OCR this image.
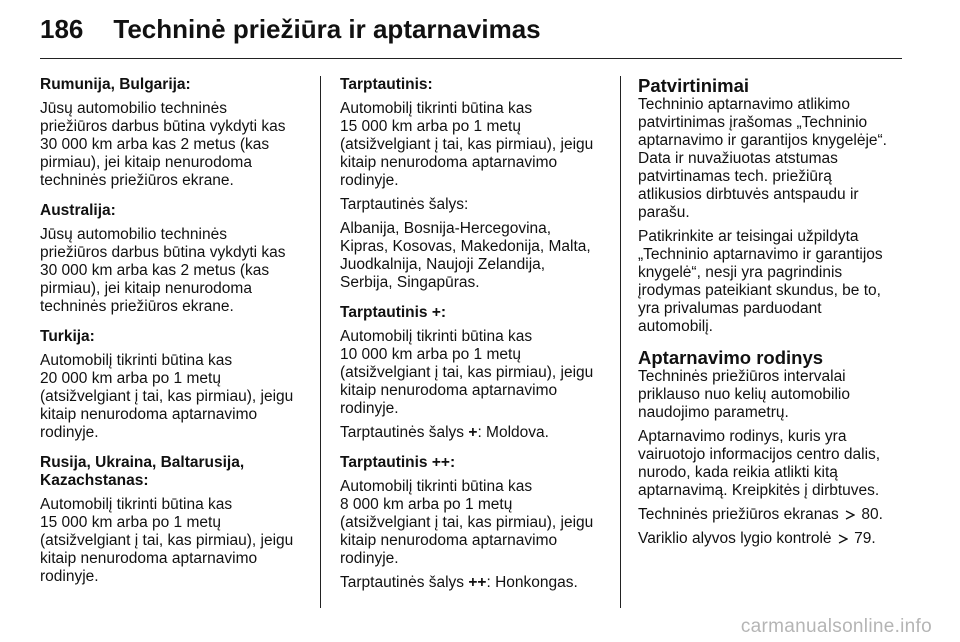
186 Techninė priežiūra ir aptarnavimas
Rumunija, Bulgarija:
Jūsų automobilio techninės
priežiūros darbus būtina vykdyti kas
30 000 km arba kas 2 metus (kas
pirmiau), jei kitaip nenurodoma
techninės priežiūros ekrane.
Australija:
Jūsų automobilio techninės
priežiūros darbus būtina vykdyti kas
30 000 km arba kas 2 metus (kas
pirmiau), jei kitaip nenurodoma
techninės priežiūros ekrane.
Turkija:
Automobilį tikrinti būtina kas
20 000 km arba po 1 metų
(atsižvelgiant į tai, kas pirmiau), jeigu
kitaip nenurodoma aptarnavimo
rodinyje.
Rusija, Ukraina, Baltarusija,
Kazachstanas:
Automobilį tikrinti būtina kas
15 000 km arba po 1 metų
(atsižvelgiant į tai, kas pirmiau), jeigu
kitaip nenurodoma aptarnavimo
rodinyje.
Tarptautinis:
Automobilį tikrinti būtina kas
15 000 km arba po 1 metų
(atsižvelgiant į tai, kas pirmiau), jeigu
kitaip nenurodoma aptarnavimo
rodinyje.
Tarptautinės šalys:
Albanija, Bosnija-Hercegovina,
Kipras, Kosovas, Makedonija, Malta,
Juodkalnija, Naujoji Zelandija,
Serbija, Singapūras.
Tarptautinis +:
Automobilį tikrinti būtina kas
10 000 km arba po 1 metų
(atsižvelgiant į tai, kas pirmiau), jeigu
kitaip nenurodoma aptarnavimo
rodinyje.
Tarptautinės šalys +: Moldova.
Tarptautinis ++:
Automobilį tikrinti būtina kas
8 000 km arba po 1 metų
(atsižvelgiant į tai, kas pirmiau), jeigu
kitaip nenurodoma aptarnavimo
rodinyje.
Tarptautinės šalys ++: Honkongas.
Patvirtinimai
Techninio aptarnavimo atlikimo
patvirtinimas įrašomas „Techninio
aptarnavimo ir garantijos knygelėje“.
Data ir nuvažiuotas atstumas
patvirtinamas tech. priežiūrą
atlikusios dirbtuvės antspaudu ir
parašu.
Patikrinkite ar teisingai užpildyta
„Techninio aptarnavimo ir garantijos
knygelė“, nesji yra pagrindinis
įrodymas pateikiant skundus, be to,
yra privalumas parduodant
automobilį.
Aptarnavimo rodinys
Techninės priežiūros intervalai
priklauso nuo kelių automobilio
naudojimo parametrų.
Aptarnavimo rodinys, kuris yra
vairuotojo informacijos centro dalis,
nurodo, kada reikia atlikti kitą
aptarnavimą. Kreipkitės į dirbtuves.
Techninės priežiūros ekranas  80.
Variklio alyvos lygio kontrolė  79.
carmanualsonline.info
